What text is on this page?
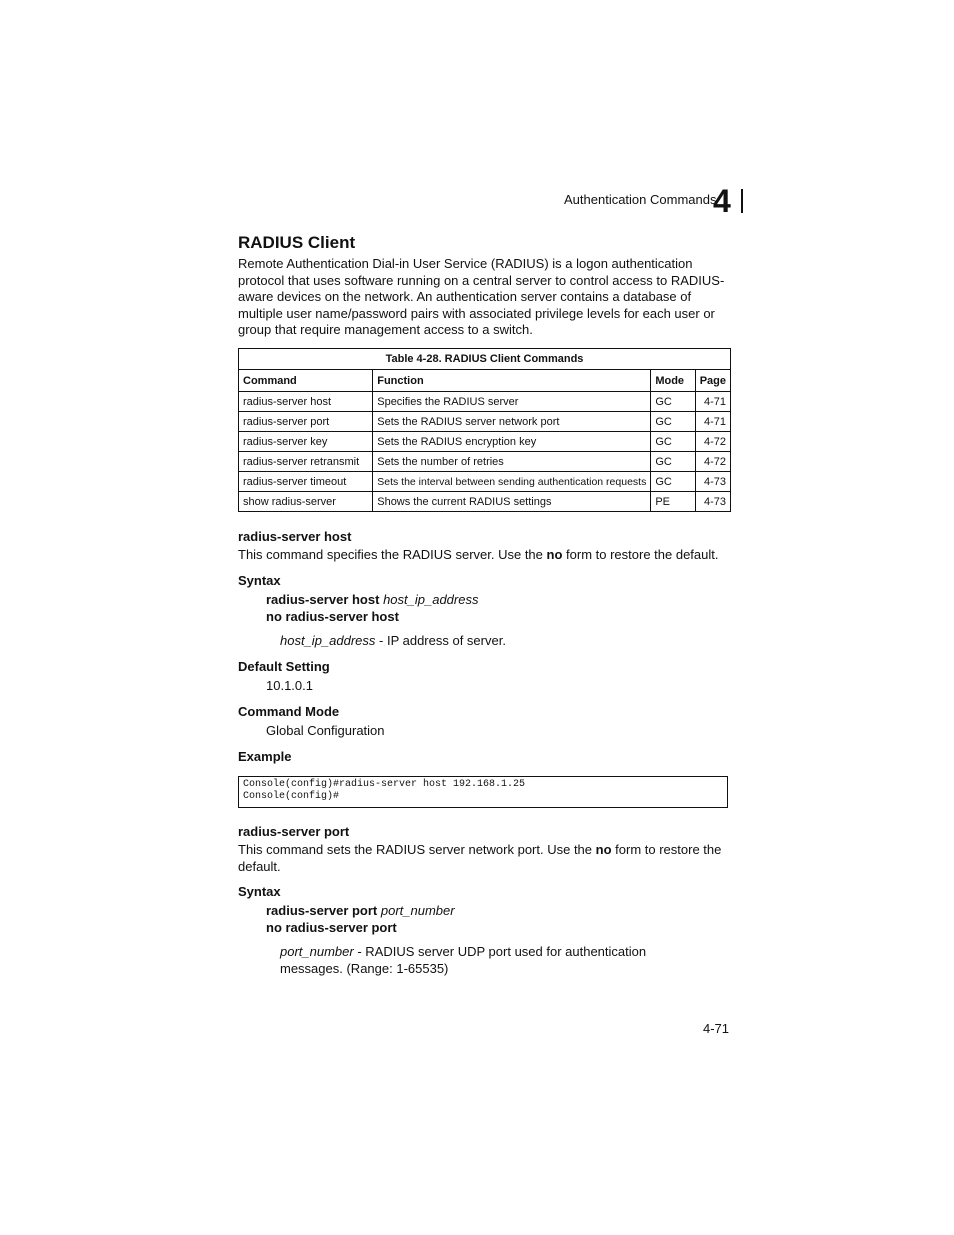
Authentication Commands
4
RADIUS Client
Remote Authentication Dial-in User Service (RADIUS) is a logon authentication protocol that uses software running on a central server to control access to RADIUS-aware devices on the network. An authentication server contains a database of multiple user name/password pairs with associated privilege levels for each user or group that require management access to a switch.
Table 4-28. RADIUS Client Commands			
Command	Function	Mode	Page
radius-server host	Specifies the RADIUS server	GC	4-71
radius-server port	Sets the RADIUS server network port	GC	4-71
radius-server key	Sets the RADIUS encryption key	GC	4-72
radius-server retransmit	Sets the number of retries	GC	4-72
radius-server timeout	Sets the interval between sending authentication requests	GC	4-73
show radius-server	Shows the current RADIUS settings	PE	4-73
radius-server host
This command specifies the RADIUS server. Use the no form to restore the default.
Syntax
radius-server host host_ip_address
no radius-server host
host_ip_address - IP address of server.
Default Setting
10.1.0.1
Command Mode
Global Configuration
Example
Console(config)#radius-server host 192.168.1.25
Console(config)#
radius-server port
This command sets the RADIUS server network port. Use the no form to restore the default.
Syntax
radius-server port port_number
no radius-server port
port_number - RADIUS server UDP port used for authentication messages. (Range: 1-65535)
4-71
